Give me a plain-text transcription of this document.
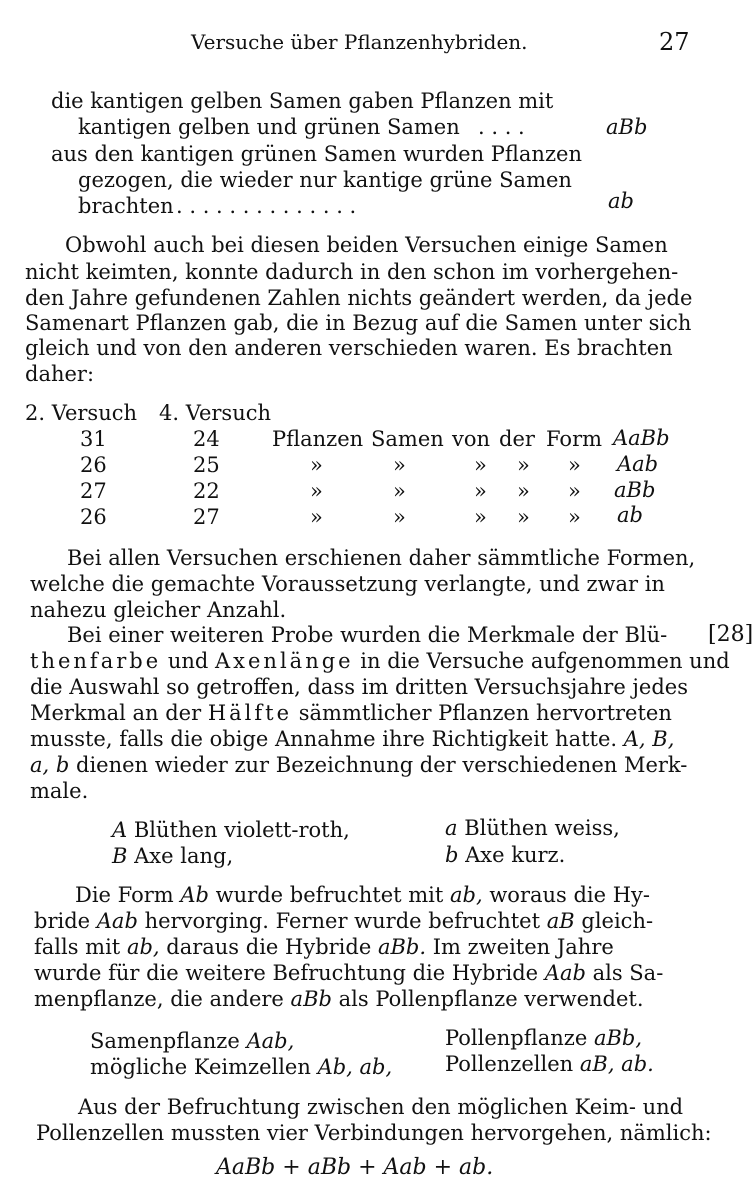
Versuche über Pflanzenhybriden.	27
die kantigen gelben Samen gaben Pflanzen mit
kantigen gelben und grünen Samen . . . .	aBb
aus den kantigen grünen Samen wurden Pflanzen
gezogen, die wieder nur kantige grüne Samen
brachten . . . . . . . . . . . . . .	ab
Obwohl auch bei diesen beiden Versuchen einige Samen
nicht keimten, konnte dadurch in den schon im vorhergehen-
den Jahre gefundenen Zahlen nichts geändert werden, da jede
Samenart Pflanzen gab, die in Bezug auf die Samen unter sich
gleich und von den anderen verschieden waren. Es brachten
daher:
2. Versuch 4. Versuch
31	24 Pflanzen Samen von der Form AaBb
26	25	»	»	» » » Aab
27	22	»	»	» » » aBb
26	27	»	»	» » » ab
Bei allen Versuchen erschienen daher sämmtliche Formen,
welche die gemachte Voraussetzung verlangte, und zwar in
nahezu gleicher Anzahl.
Bei einer weiteren Probe wurden die Merkmale der Blü- [28]
thenfarbe und Axenlänge in die Versuche aufgenommen und
die Auswahl so getroffen, dass im dritten Versuchsjahre jedes
Merkmal an der Hälfte sämmtlicher Pflanzen hervortreten
musste, falls die obige Annahme ihre Richtigkeit hatte. A, B,
a, b dienen wieder zur Bezeichnung der verschiedenen Merk-
male.
A Blüthen violett-roth,	a Blüthen weiss,
B Axe lang,	b Axe kurz.
Die Form Ab wurde befruchtet mit ab, woraus die Hy-
bride Aab hervorging. Ferner wurde befruchtet aB gleich-
falls mit ab, daraus die Hybride aBb. Im zweiten Jahre
wurde für die weitere Befruchtung die Hybride Aab als Sa-
menpflanze, die andere aBb als Pollenpflanze verwendet.
Samenpflanze Aab,
mögliche Keimzellen Ab, ab,
Pollenpflanze aBb,
Pollenzellen aB, ab.
Aus der Befruchtung zwischen den möglichen Keim- und
Pollenzellen mussten vier Verbindungen hervorgehen, nämlich:
AaBb + aBb + Aab + ab.
